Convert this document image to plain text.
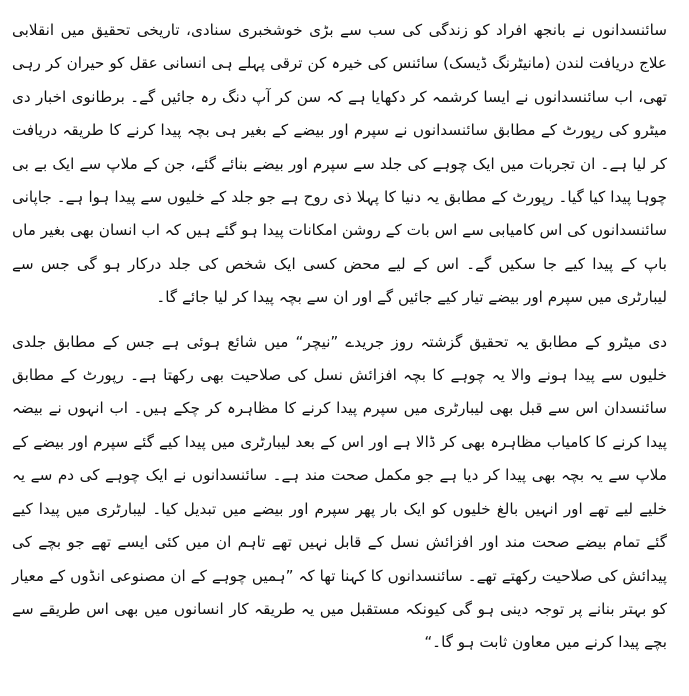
سائنسدانوں نے بانجھ افراد کو زندگی کی سب سے بڑی خوشخبری سنادی، تاریخی تحقیق میں انقلابی علاج دریافت لندن (مانیٹرنگ ڈیسک) سائنس کی خیرہ کن ترقی پہلے ہی انسانی عقل کو حیران کر رہی تھی، اب سائنسدانوں نے ایسا کرشمہ کر دکھایا ہے کہ سن کر آپ دنگ رہ جائیں گے۔ برطانوی اخبار دی میٹرو کی رپورٹ کے مطابق سائنسدانوں نے سپرم اور بیضے کے بغیر ہی بچہ پیدا کرنے کا طریقہ دریافت کر لیا ہے۔ ان تجربات میں ایک چوہے کی جلد سے سپرم اور بیضے بنائے گئے، جن کے ملاپ سے ایک بے بی چوہا پیدا کیا گیا۔ رپورٹ کے مطابق یہ دنیا کا پہلا ذی روح ہے جو جلد کے خلیوں سے پیدا ہوا ہے۔ جاپانی سائنسدانوں کی اس کامیابی سے اس بات کے روشن امکانات پیدا ہو گئے ہیں کہ اب انسان بھی بغیر ماں باپ کے پیدا کیے جا سکیں گے۔ اس کے لیے محض کسی ایک شخص کی جلد درکار ہو گی جس سے لیبارٹری میں سپرم اور بیضے تیار کیے جائیں گے اور ان سے بچہ پیدا کر لیا جائے گا۔

دی میٹرو کے مطابق یہ تحقیق گزشتہ روز جریدے ”نیچر“ میں شائع ہوئی ہے جس کے مطابق جلدی خلیوں سے پیدا ہونے والا یہ چوہے کا بچہ افزائش نسل کی صلاحیت بھی رکھتا ہے۔ رپورٹ کے مطابق سائنسدان اس سے قبل بھی لیبارٹری میں سپرم پیدا کرنے کا مظاہرہ کر چکے ہیں۔ اب انہوں نے بیضہ پیدا کرنے کا کامیاب مظاہرہ بھی کر ڈالا ہے اور اس کے بعد لیبارٹری میں پیدا کیے گئے سپرم اور بیضے کے ملاپ سے یہ بچہ بھی پیدا کر دیا ہے جو مکمل صحت مند ہے۔ سائنسدانوں نے ایک چوہے کی دم سے یہ خلیے لیے تھے اور انہیں بالغ خلیوں کو ایک بار پھر سپرم اور بیضے میں تبدیل کیا۔ لیبارٹری میں پیدا کیے گئے تمام بیضے صحت مند اور افزائش نسل کے قابل نہیں تھے تاہم ان میں کئی ایسے تھے جو بچے کی پیدائش کی صلاحیت رکھتے تھے۔ سائنسدانوں کا کہنا تھا کہ ”ہمیں چوہے کے ان مصنوعی انڈوں کے معیار کو بہتر بنانے پر توجہ دینی ہو گی کیونکہ مستقبل میں یہ طریقہ کار انسانوں میں بھی اس طریقے سے بچے پیدا کرنے میں معاون ثابت ہو گا۔“
